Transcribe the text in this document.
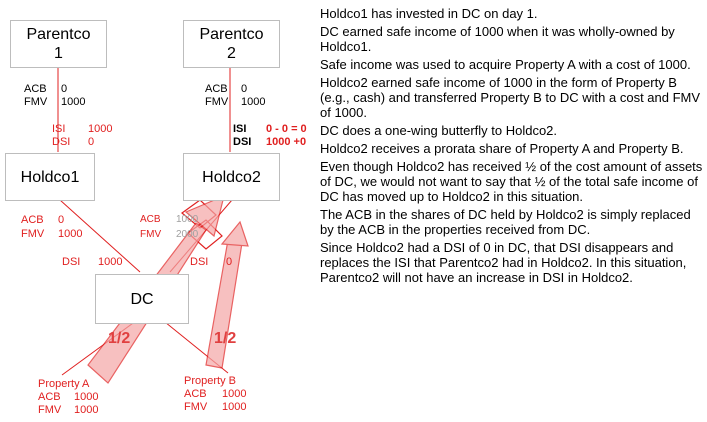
Parentco
1
Parentco
2
Holdco1	Holdco2
DC
ACB 0
FMV 1000
ISI 1000
DSI 0
ACB 0
FMV 1000
ISI 0 - 0 = 0
DSI 1000 +0
ACB 0
FMV 1000
DSI 1000
ACB 1000
FMV 2000
DSI 0
1/2	1/2
Property A
ACB 1000
FMV 1000
Property B
ACB 1000
FMV 1000

Holdco1 has invested in DC on day 1.

DC earned safe income of 1000 when it was wholly-owned by Holdco1.

Safe income was used to acquire Property A with a cost of 1000.

Holdco2 earned safe income of 1000 in the form of Property B (e.g., cash) and transferred Property B to DC with a cost and FMV of 1000.

DC does a one-wing butterfly to Holdco2.

Holdco2 receives a prorata share of Property A and Property B.

Even though Holdco2 has received ½ of the cost amount of assets of DC, we would not want to say that ½ of the total safe income of DC has moved up to Holdco2 in this situation.

The ACB in the shares of DC held by Holdco2 is simply replaced by the ACB in the properties received from DC.

Since Holdco2 had a DSI of 0 in DC, that DSI disappears and replaces the ISI that Parentco2 had in Holdco2. In this situation, Parentco2 will not have an increase in DSI in Holdco2.
